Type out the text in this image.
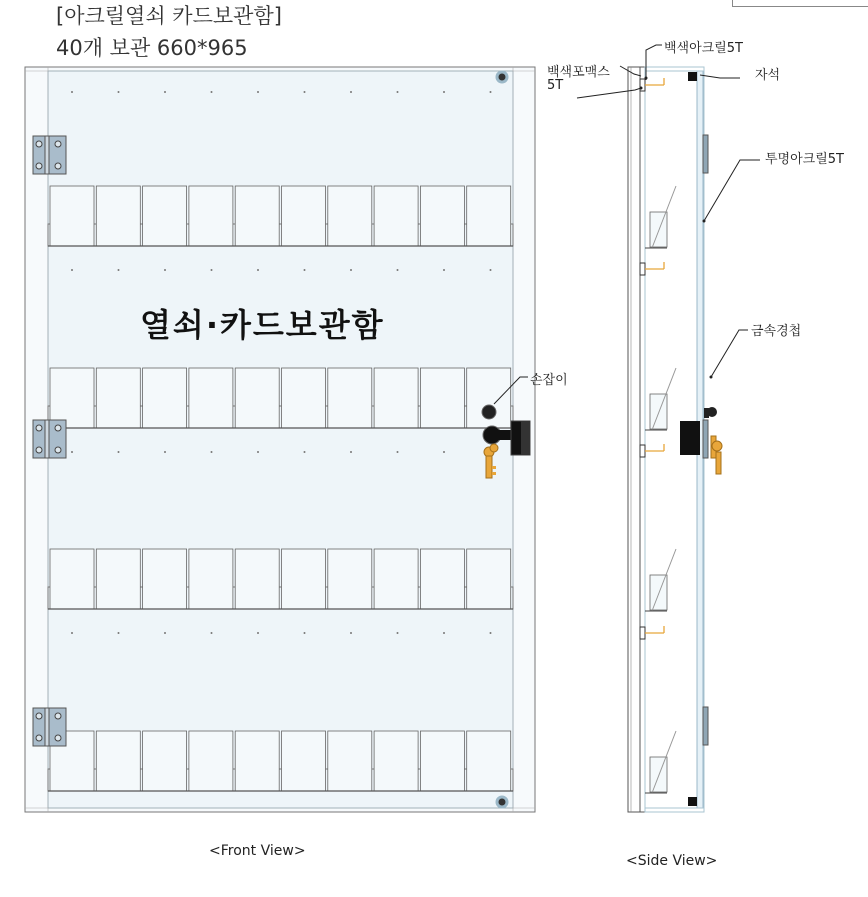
[아크릴열쇠 카드보관함]
40개 보관 660*965
열쇠·카드보관함
손잡이
백색아크릴5T
백색포맥스
5T
자석
투명아크릴5T
금속경첩
<Front View>
<Side View>
